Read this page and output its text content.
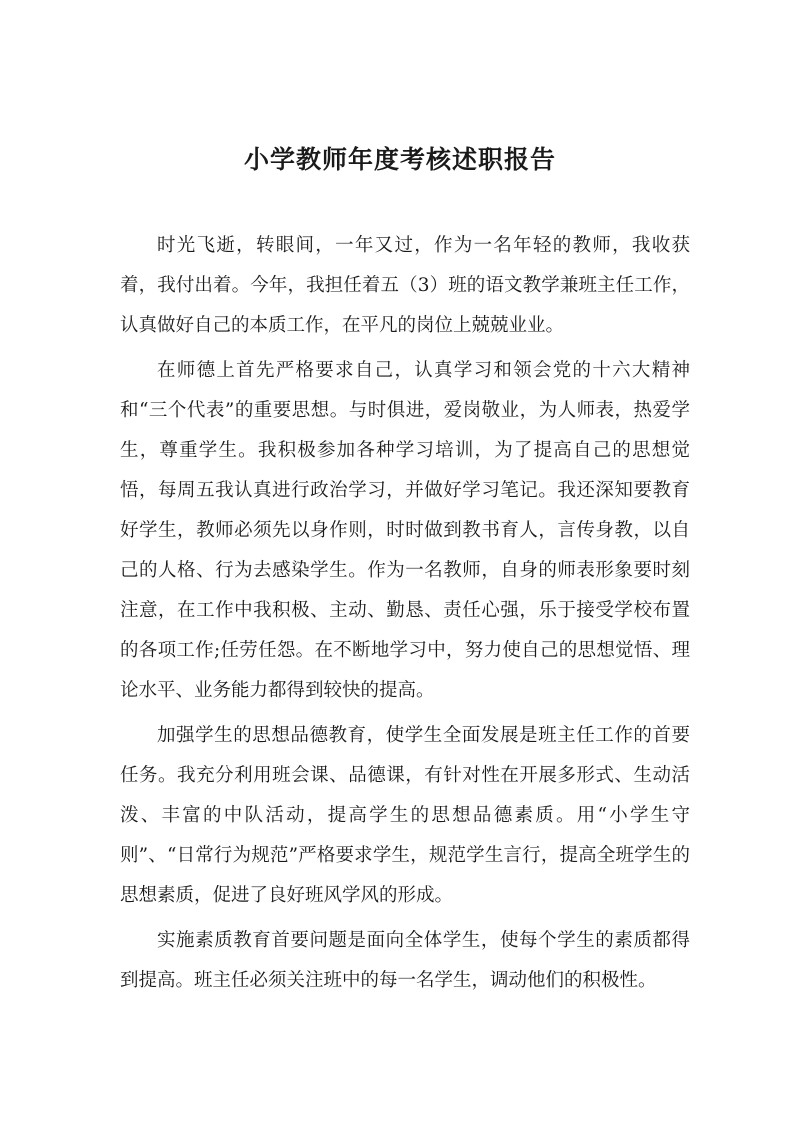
小学教师年度考核述职报告

时光飞逝，转眼间，一年又过，作为一名年轻的教师，我收获着，我付出着。今年，我担任着五（3）班的语文教学兼班主任工作，认真做好自己的本质工作，在平凡的岗位上兢兢业业。

在师德上首先严格要求自己，认真学习和领会党的十六大精神和“三个代表”的重要思想。与时俱进，爱岗敬业，为人师表，热爱学生，尊重学生。我积极参加各种学习培训，为了提高自己的思想觉悟，每周五我认真进行政治学习，并做好学习笔记。我还深知要教育好学生，教师必须先以身作则，时时做到教书育人，言传身教，以自己的人格、行为去感染学生。作为一名教师，自身的师表形象要时刻注意，在工作中我积极、主动、勤恳、责任心强，乐于接受学校布置的各项工作;任劳任怨。在不断地学习中，努力使自己的思想觉悟、理论水平、业务能力都得到较快的提高。

加强学生的思想品德教育，使学生全面发展是班主任工作的首要任务。我充分利用班会课、品德课，有针对性在开展多形式、生动活泼、丰富的中队活动，提高学生的思想品德素质。用“小学生守则”、“日常行为规范”严格要求学生，规范学生言行，提高全班学生的思想素质，促进了良好班风学风的形成。

实施素质教育首要问题是面向全体学生，使每个学生的素质都得到提高。班主任必须关注班中的每一名学生，调动他们的积极性。
